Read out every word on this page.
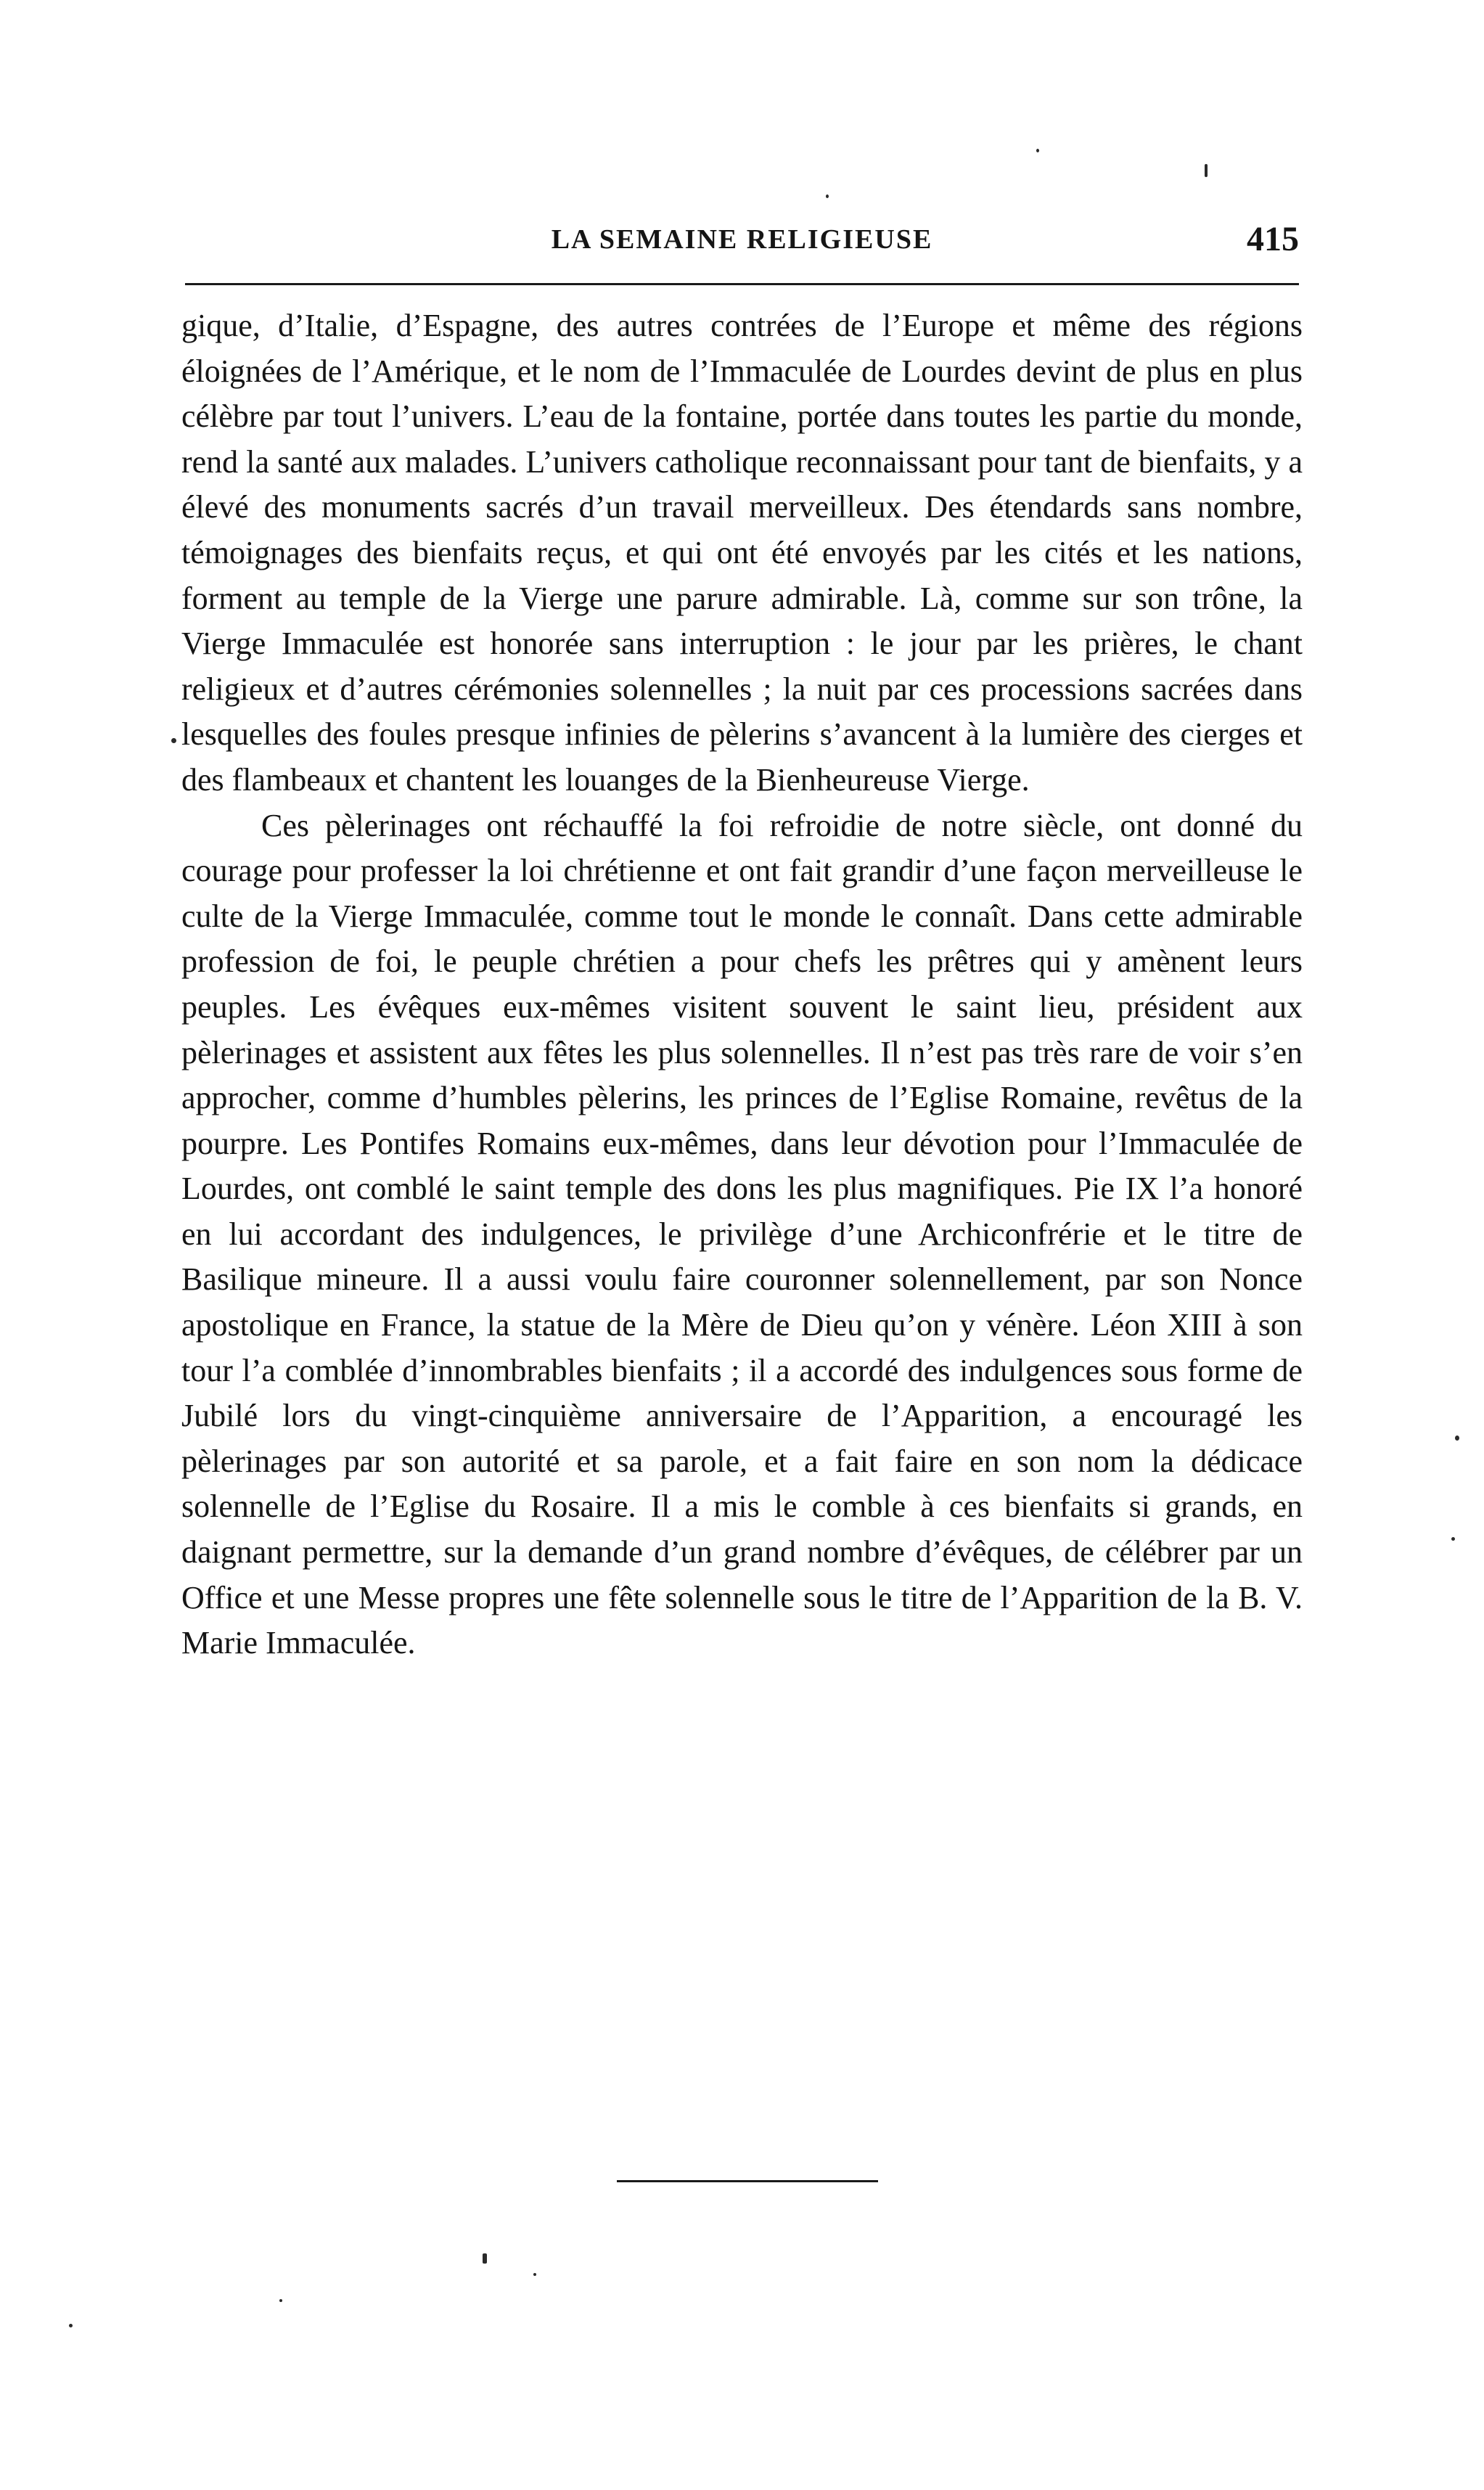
LA SEMAINE RELIGIEUSE	415

gique, d’Italie, d’Espagne, des autres contrées de l’Europe et même des régions éloignées de l’Amérique, et le nom de l’Immaculée de Lourdes devint de plus en plus célèbre par tout l’univers. L’eau de la fontaine, portée dans toutes les partie du monde, rend la santé aux malades. L’univers catholique reconnaissant pour tant de bienfaits, y a élevé des monuments sacrés d’un travail merveilleux. Des étendards sans nombre, témoignages des bienfaits reçus, et qui ont été envoyés par les cités et les nations, forment au temple de la Vierge une parure admirable. Là, comme sur son trône, la Vierge Immaculée est honorée sans interruption : le jour par les prières, le chant religieux et d’autres cérémonies solennelles ; la nuit par ces processions sacrées dans lesquelles des foules presque infinies de pèlerins s’avancent à la lumière des cierges et des flambeaux et chantent les louanges de la Bienheureuse Vierge.

Ces pèlerinages ont réchauffé la foi refroidie de notre siècle, ont donné du courage pour professer la loi chrétienne et ont fait grandir d’une façon merveilleuse le culte de la Vierge Immaculée, comme tout le monde le connaît. Dans cette admirable profession de foi, le peuple chrétien a pour chefs les prêtres qui y amènent leurs peuples. Les évêques eux-mêmes visitent souvent le saint lieu, président aux pèlerinages et assistent aux fêtes les plus solennelles. Il n’est pas très rare de voir s’en approcher, comme d’humbles pèlerins, les princes de l’Eglise Romaine, revêtus de la pourpre. Les Pontifes Romains eux-mêmes, dans leur dévotion pour l’Immaculée de Lourdes, ont comblé le saint temple des dons les plus magnifiques. Pie IX l’a honoré en lui accordant des indulgences, le privilège d’une Archiconfrérie et le titre de Basilique mineure. Il a aussi voulu faire couronner solennellement, par son Nonce apostolique en France, la statue de la Mère de Dieu qu’on y vénère. Léon XIII à son tour l’a comblée d’innombrables bienfaits ; il a accordé des indulgences sous forme de Jubilé lors du vingt-cinquième anniversaire de l’Apparition, a encouragé les pèlerinages par son autorité et sa parole, et a fait faire en son nom la dédicace solennelle de l’Eglise du Rosaire. Il a mis le comble à ces bienfaits si grands, en daignant permettre, sur la demande d’un grand nombre d’évêques, de célébrer par un Office et une Messe propres une fête solennelle sous le titre de l’Apparition de la B. V. Marie Immaculée.
